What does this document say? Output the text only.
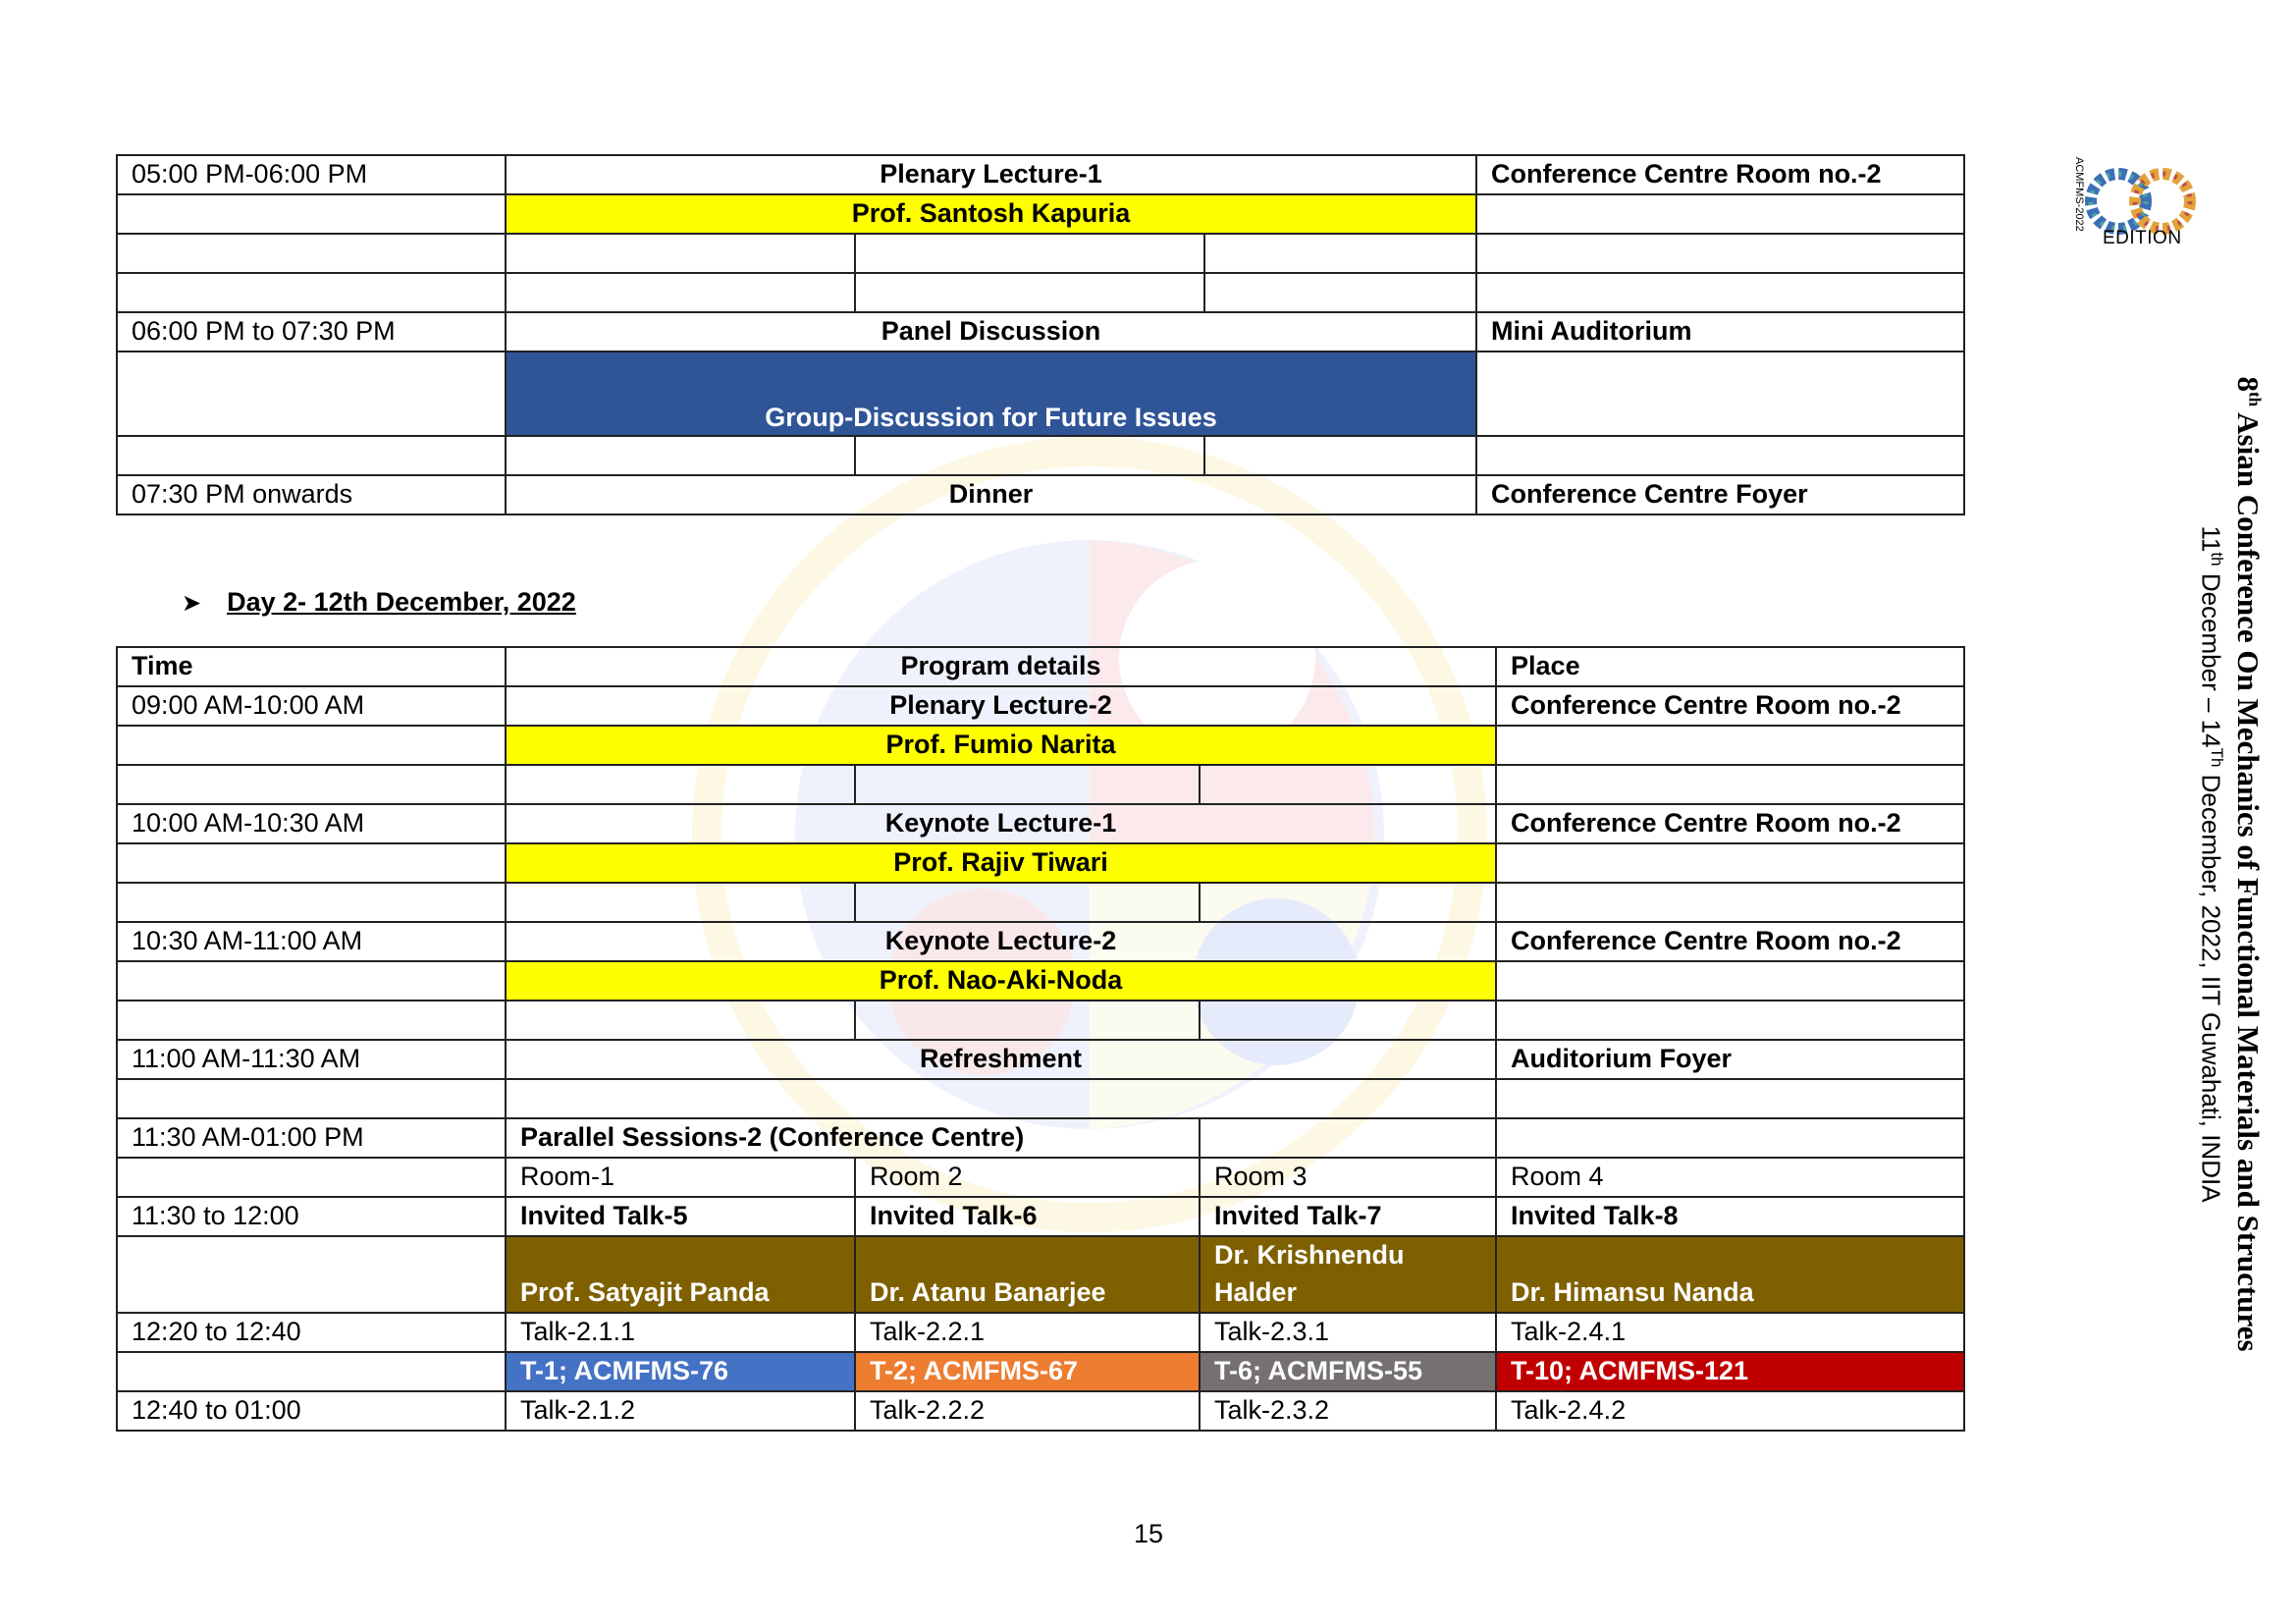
05:00 PM-06:00 PM	Plenary Lecture-1			Conference Centre Room no.-2
	Prof. Santosh Kapuria			

06:00 PM to 07:30 PM	Panel Discussion			Mini Auditorium
	Group-Discussion for Future Issues			

07:30 PM onwards	Dinner			Conference Centre Foyer
➤ Day 2- 12th December, 2022
Time	Program details			Place
09:00 AM-10:00 AM	Plenary Lecture-2			Conference Centre Room no.-2
	Prof. Fumio Narita			

10:00 AM-10:30 AM	Keynote Lecture-1			Conference Centre Room no.-2
	Prof. Rajiv Tiwari			

10:30 AM-11:00 AM	Keynote Lecture-2			Conference Centre Room no.-2
	Prof. Nao-Aki-Noda			

11:00 AM-11:30 AM	Refreshment			Auditorium Foyer

11:30 AM-01:00 PM	Parallel Sessions-2 (Conference Centre)			
	Room-1	Room 2	Room 3	Room 4
11:30 to 12:00	Invited Talk-5	Invited Talk-6	Invited Talk-7	Invited Talk-8
	Prof. Satyajit Panda	Dr. Atanu Banarjee	Dr. Krishnendu Halder	Dr. Himansu Nanda
12:20 to 12:40	Talk-2.1.1	Talk-2.2.1	Talk-2.3.1	Talk-2.4.1
	T-1; ACMFMS-76	T-2; ACMFMS-67	T-6; ACMFMS-55	T-10; ACMFMS-121
12:40 to 01:00	Talk-2.1.2	Talk-2.2.2	Talk-2.3.2	Talk-2.4.2
ACMFMS-2022
EDITION
8th Asian Conference On Mechanics of Functional Materials and Structures
11th December – 14Th December, 2022, IIT Guwahati, INDIA
15
